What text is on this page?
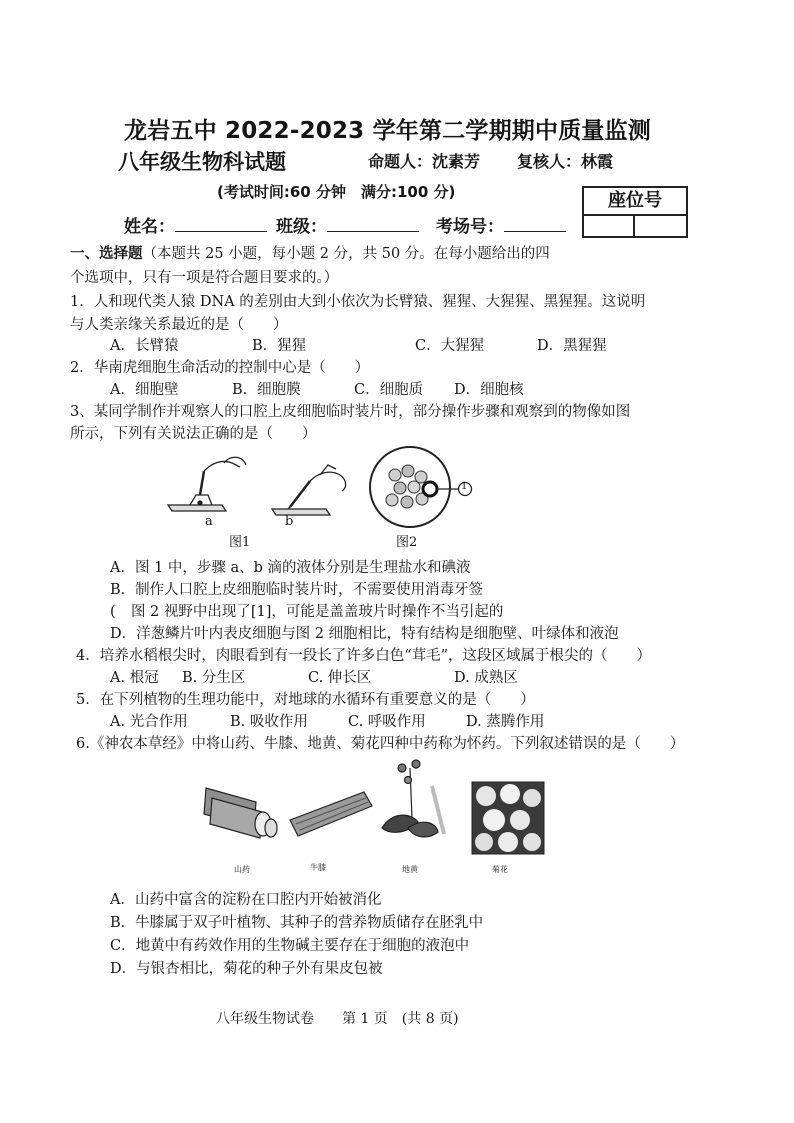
龙岩五中 2022-2023 学年第二学期期中质量监测
八年级生物科试题	命题人：沈素芳 复核人：林霞
(考试时间:60 分钟　满分:100 分)	座位号
姓名：	班级：	考场号：
一、选择题（本题共 25 小题，每小题 2 分，共 50 分。在每小题给出的四
个选项中，只有一项是符合题目要求的。）
1．人和现代类人猿 DNA 的差别由大到小依次为长臂猿、猩猩、大猩猩、黑猩猩。这说明
与人类亲缘关系最近的是（　　）
A．长臂猿	B．猩猩	C．大猩猩	D．黑猩猩
2．华南虎细胞生命活动的控制中心是（　　）
A．细胞壁	B．细胞膜	C．细胞质 D．细胞核
3、某同学制作并观察人的口腔上皮细胞临时装片时，部分操作步骤和观察到的物像如图
所示，下列有关说法正确的是（　　）
1
a	b
图1	图2
A．图 1 中，步骤 a、b 滴的液体分别是生理盐水和碘液
B．制作人口腔上皮细胞临时装片时，不需要使用消毒牙签
(    图 2 视野中出现了[1]，可能是盖盖玻片时操作不当引起的
D．洋葱鳞片叶内表皮细胞与图 2 细胞相比，特有结构是细胞壁、叶绿体和液泡
4．培养水稻根尖时，肉眼看到有一段长了许多白色“茸毛”，这段区域属于根尖的（　　）
A. 根冠 B. 分生区	C. 伸长区	D. 成熟区
5．在下列植物的生理功能中，对地球的水循环有重要意义的是（　　）
A. 光合作用	B. 吸收作用	C. 呼吸作用	D. 蒸腾作用
6.《神农本草经》中将山药、牛膝、地黄、菊花四种中药称为怀药。下列叙述错误的是（　　）
山药	牛膝	地黄	菊花
A．山药中富含的淀粉在口腔内开始被消化
B．牛膝属于双子叶植物、其种子的营养物质储存在胚乳中
C．地黄中有药效作用的生物碱主要存在于细胞的液泡中
D．与银杏相比，菊花的种子外有果皮包被
八年级生物试卷　　第 1 页　(共 8 页)
